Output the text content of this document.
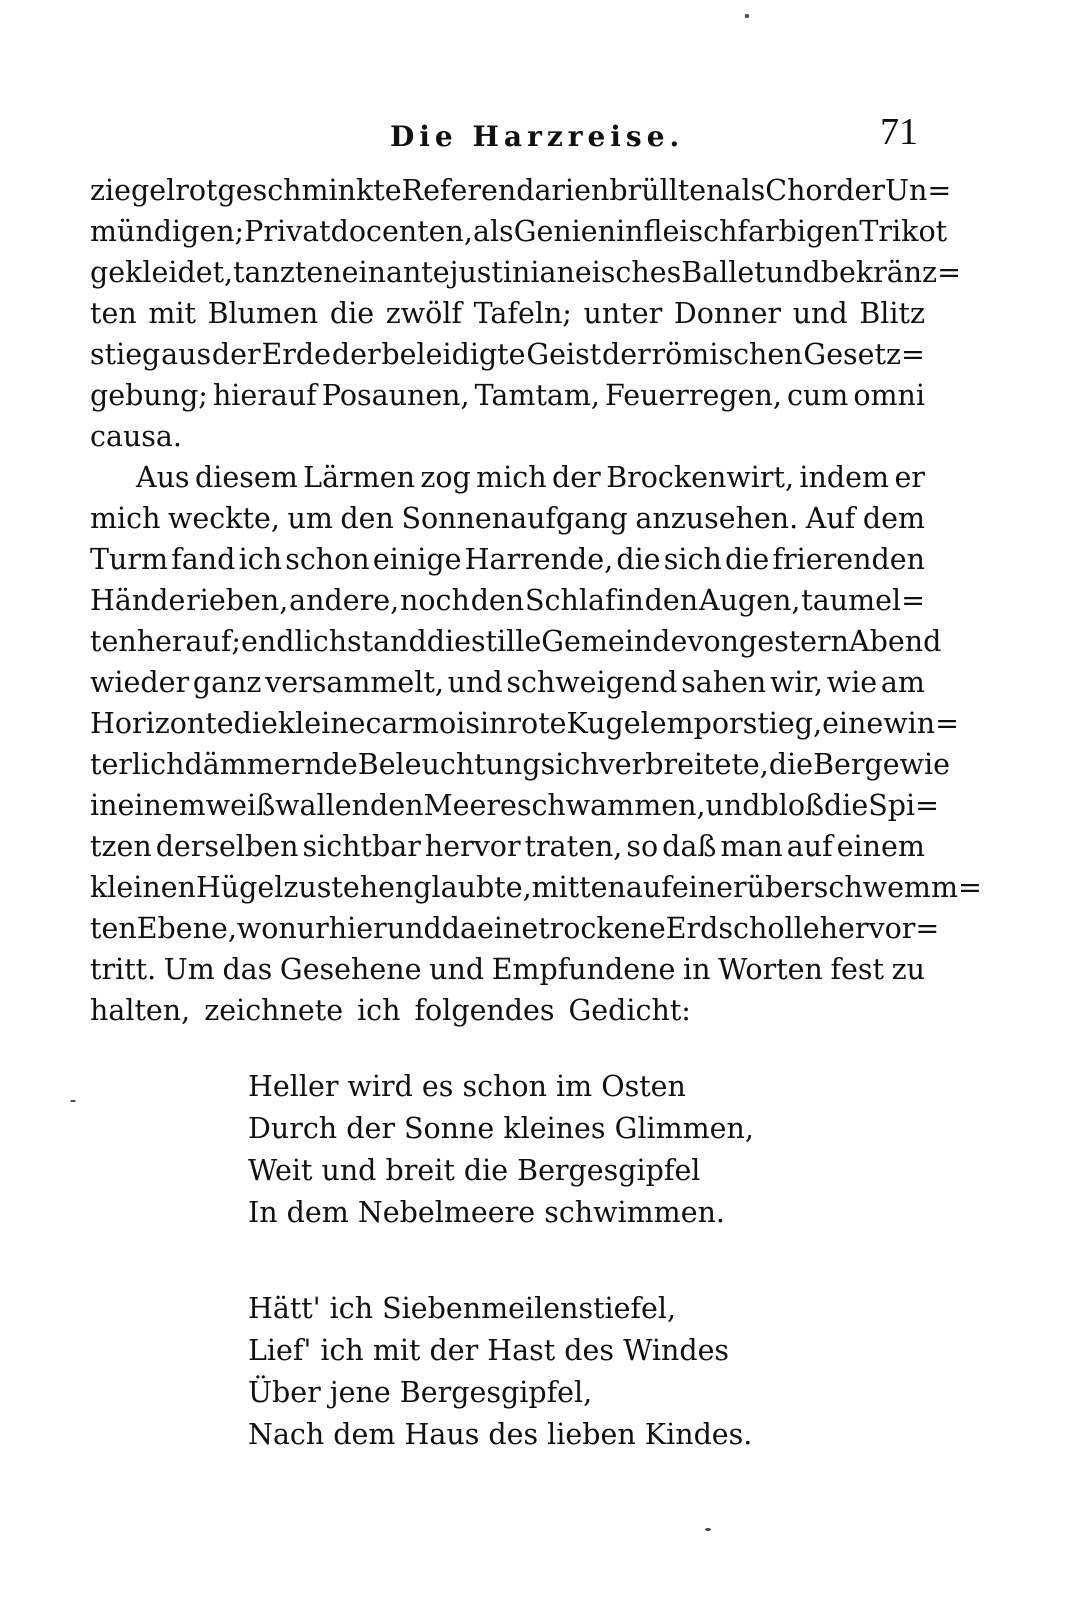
Die Harzreise.	71
ziegelrot geschminkte Referendarien brüllten als Chor der Un=
mündigen; Privatdocenten, als Genien in fleischfarbigen Trikot
gekleidet, tanzten ein antejustinianeisches Ballet und bekränz=
ten mit Blumen die zwölf Tafeln; unter Donner und Blitz
stieg aus der Erde der beleidigte Geist der römischen Gesetz=
gebung; hierauf Posaunen, Tamtam, Feuerregen, cum omni
causa.
Aus diesem Lärmen zog mich der Brockenwirt, indem er
mich weckte, um den Sonnenaufgang anzusehen. Auf dem
Turm fand ich schon einige Harrende, die sich die frierenden
Hände rieben, andere, noch den Schlaf in den Augen, taumel=
ten herauf; endlich stand die stille Gemeinde von gestern Abend
wieder ganz versammelt, und schweigend sahen wir, wie am
Horizonte die kleine carmoisinrote Kugel empor stieg, eine win=
terlich dämmernde Beleuchtung sich verbreitete, die Berge wie
in einem weißwallenden Meere schwammen, und bloß die Spi=
tzen derselben sichtbar hervor traten, so daß man auf einem
kleinen Hügel zu stehen glaubte, mitten auf einer überschwemm=
ten Ebene, wo nur hier und da eine trockene Erdscholle hervor=
tritt. Um das Gesehene und Empfundene in Worten fest zu
halten, zeichnete ich folgendes Gedicht:
Heller wird es schon im Osten
Durch der Sonne kleines Glimmen,
Weit und breit die Bergesgipfel
In dem Nebelmeere schwimmen.
Hätt' ich Siebenmeilenstiefel,
Lief' ich mit der Hast des Windes
Über jene Bergesgipfel,
Nach dem Haus des lieben Kindes.
